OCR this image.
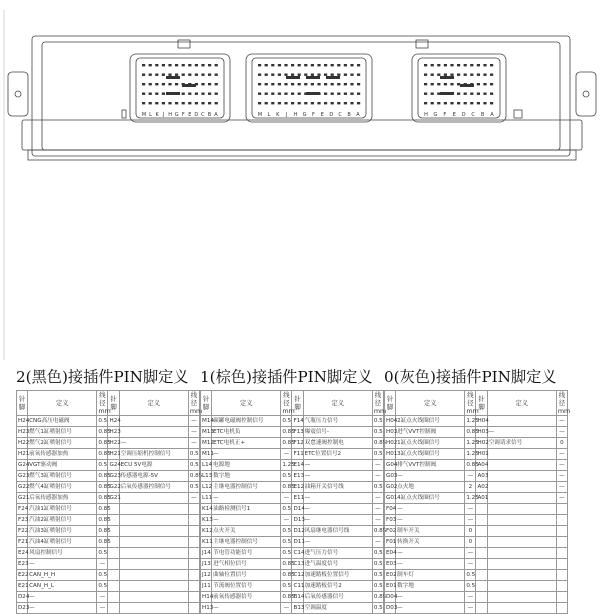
M L K J H G F E D C B A	M L K J H G F E D C B A	H G F E D C B A
2(黑色)接插件PIN脚定义
针脚	定义	线径mm	针脚	定义	线径mm
H24	CNG高压电磁阀	0.5	H24		—
H23	燃气1缸喷射信号	0.85	H23		—
H22	燃气2缸喷射信号	0.85	H22	—	—
H21	前氧传感器加热	0.85	H21	空调压缩机控制信号	0.5
G24	VGT驱动阀	0.5	G24	ECU 5V电源	0.5
G23	燃气3缸喷射信号	0.85	G23	传感器电源-5V	0.85
G22	燃气4缸喷射信号	0.85	G22	后氧传感器控制信号	0.5
G21	后氧传感器加热	0.85	G21		—
F24	汽油1缸喷射信号	0.85			
F23	汽油2缸喷射信号	0.85			
F22	汽油3缸喷射信号	0.85			
F21	汽油4缸喷射信号	0.85			
E24	风扇控制信号	0.5			
E23	—	—			
E22	CAN_H_H	0.5			
E21	CAN_H_L	0.5			
D24	—	—			
D23	—	—			
1(棕色)接插件PIN脚定义
针脚	定义	线径mm	针脚	定义	线径mm
M14	碳罐电磁阀控制信号	0.5	F14	气瓶压力信号	0.5
M13	ETC电机负	0.85	F13	爆震信号-	0.5
M12	ETC电机正+	0.85	F12	双怠速阀控制电	0.85
M11	—	—	F11	ETC位置信号2	0.5
L14	电源地	1.25	E14	—	—
L13	数字地	0.5	E13	—	—
L12	主继电器控制信号	0.85	E12	油箱开关信号线	0.5
L11	—	—	E11	—	—
K14	油路检测信号1	0.5	D14	—	—
K13	—	—	D13	—	—
K12	点火开关	0.5	D12	风扇继电器信号线	0.85
K11	主继电器控制信号	0.5	D11	—	—
J14	节电管功能信号	0.5	C14	进气压力信号	0.5
J13	进气相位信号	0.85	C13	进气温度信号	0.5
J12	曲轴位置信号	0.85	C12	加速踏板位置信号	0.5
J11	节流阀位置信号	0.5	C11	加速踏板信号2	0.5
H14	前氧传感器信号	0.85	B14	后氧传感器信号	0.85
H13	—	—	B13	空调温度	0.5
0(灰色)接插件PIN脚定义
针脚	定义	线径mm	针脚	定义	线径mm
H04	2缸点火线圈信号	1.25	H04		—
H03	进气VVT控制阀	0.85	H03	—	—
H02	1缸点火线圈信号	1.25	H02	空调请求信号	0
H01	3缸点火线圈信号	1.25	H01		—
G04	排气VVT控制阀	0.85	A04		—
G03	—	—	A03		—
G02	点火地	2	A02		—
G01	4缸点火线圈信号	1.25	A01		—
F04	—	—			
F03	—	—			
F02	制车开关	0			
F01	转换开关	0			
E04	—	—			
E03	—	—			
E02	制车灯	0.5			
E01	数字地	0.5			
D04	—	—			
D03	—	—			
